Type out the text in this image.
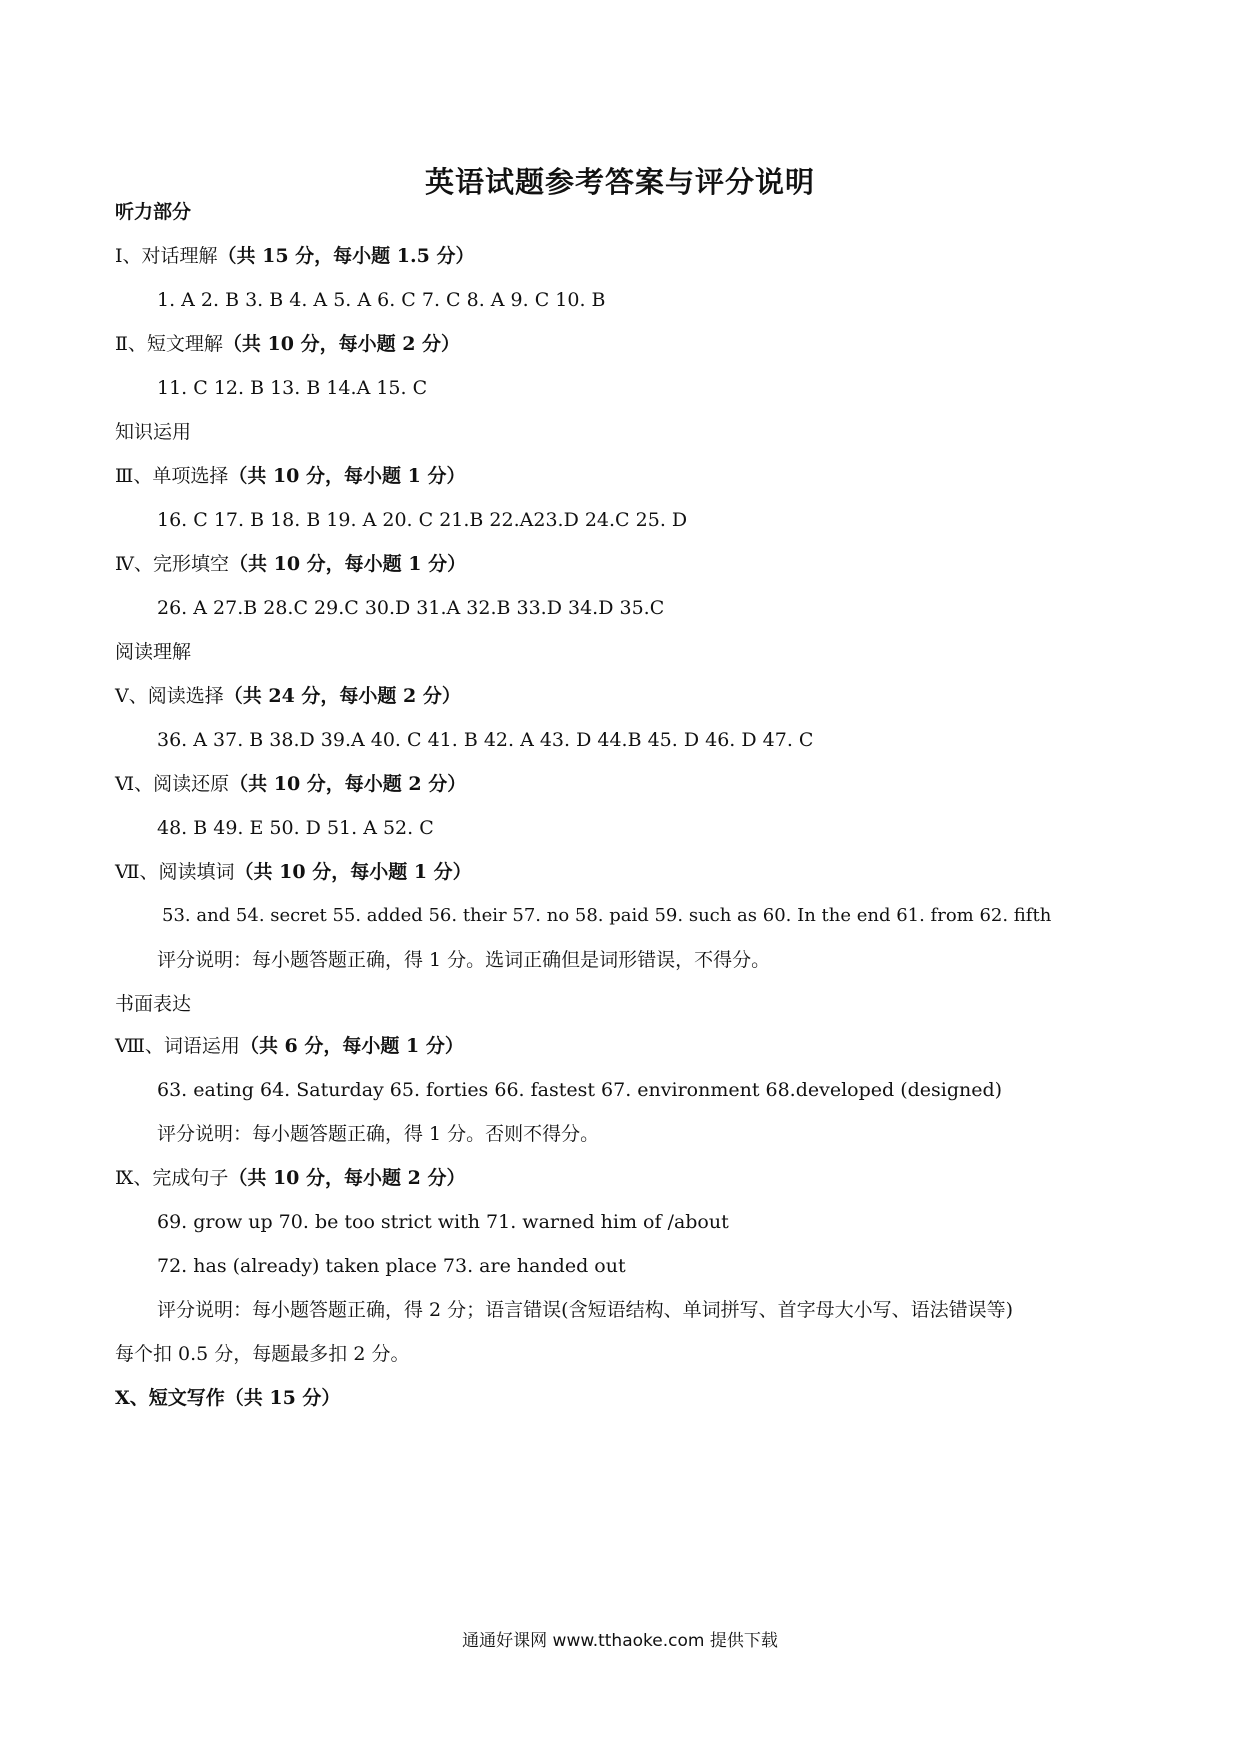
英语试题参考答案与评分说明
听力部分
Ⅰ、对话理解（共 15 分，每小题 1.5 分）
1. A 2. B 3. B 4. A 5. A 6. C 7. C 8. A 9. C 10. B
Ⅱ、短文理解（共 10 分，每小题 2 分）
11. C 12. B 13. B 14.A 15. C
知识运用
Ⅲ、单项选择（共 10 分，每小题 1 分）
16. C 17. B 18. B 19. A 20. C 21.B 22.A23.D 24.C 25. D
Ⅳ、完形填空（共 10 分，每小题 1 分）
26. A 27.B 28.C 29.C 30.D 31.A 32.B 33.D 34.D 35.C
阅读理解
Ⅴ、阅读选择（共 24 分，每小题 2 分）
36. A 37. B 38.D 39.A 40. C 41. B 42. A 43. D 44.B 45. D 46. D 47. C
Ⅵ、阅读还原（共 10 分，每小题 2 分）
48. B 49. E 50. D 51. A 52. C
Ⅶ、阅读填词（共 10 分，每小题 1 分）
53. and 54. secret 55. added 56. their 57. no 58. paid 59. such as 60. In the end 61. from 62. fifth
评分说明：每小题答题正确，得 1 分。选词正确但是词形错误，不得分。
书面表达
Ⅷ、词语运用（共 6 分，每小题 1 分）
63. eating 64. Saturday 65. forties 66. fastest 67. environment 68.developed (designed)
评分说明：每小题答题正确，得 1 分。否则不得分。
Ⅸ、完成句子（共 10 分，每小题 2 分）
69. grow up 70. be too strict with 71. warned him of /about
72. has (already) taken place 73. are handed out
评分说明：每小题答题正确，得 2 分；语言错误(含短语结构、单词拼写、首字母大小写、语法错误等)
每个扣 0.5 分，每题最多扣 2 分。
Ⅹ、短文写作（共 15 分）
通通好课网 www.tthaoke.com 提供下载
